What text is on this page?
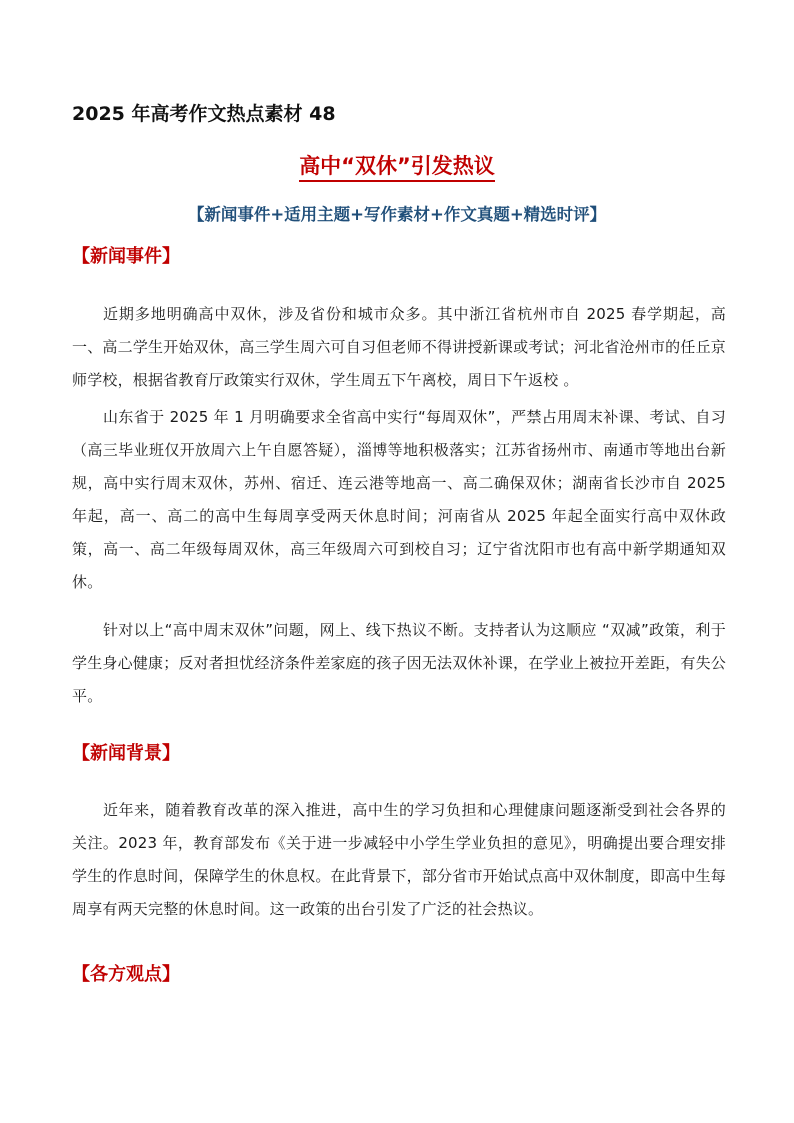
2025 年高考作文热点素材 48
高中“双休”引发热议
【新闻事件+适用主题+写作素材+作文真题+精选时评】
【新闻事件】
近期多地明确高中双休，涉及省份和城市众多。其中浙江省杭州市自 2025 春学期起，高一、高二学生开始双休，高三学生周六可自习但老师不得讲授新课或考试；河北省沧州市的任丘京师学校，根据省教育厅政策实行双休，学生周五下午离校，周日下午返校 。
山东省于 2025 年 1 月明确要求全省高中实行“每周双休”，严禁占用周末补课、考试、自习（高三毕业班仅开放周六上午自愿答疑），淄博等地积极落实；江苏省扬州市、南通市等地出台新规，高中实行周末双休，苏州、宿迁、连云港等地高一、高二确保双休；湖南省长沙市自 2025 年起，高一、高二的高中生每周享受两天休息时间；河南省从 2025 年起全面实行高中双休政策，高一、高二年级每周双休，高三年级周六可到校自习；辽宁省沈阳市也有高中新学期通知双休。
针对以上“高中周末双休”问题，网上、线下热议不断。支持者认为这顺应 “双减”政策，利于学生身心健康；反对者担忧经济条件差家庭的孩子因无法双休补课，在学业上被拉开差距，有失公平。
【新闻背景】
近年来，随着教育改革的深入推进，高中生的学习负担和心理健康问题逐渐受到社会各界的关注。2023 年，教育部发布《关于进一步减轻中小学生学业负担的意见》，明确提出要合理安排学生的作息时间，保障学生的休息权。在此背景下，部分省市开始试点高中双休制度，即高中生每周享有两天完整的休息时间。这一政策的出台引发了广泛的社会热议。
【各方观点】
